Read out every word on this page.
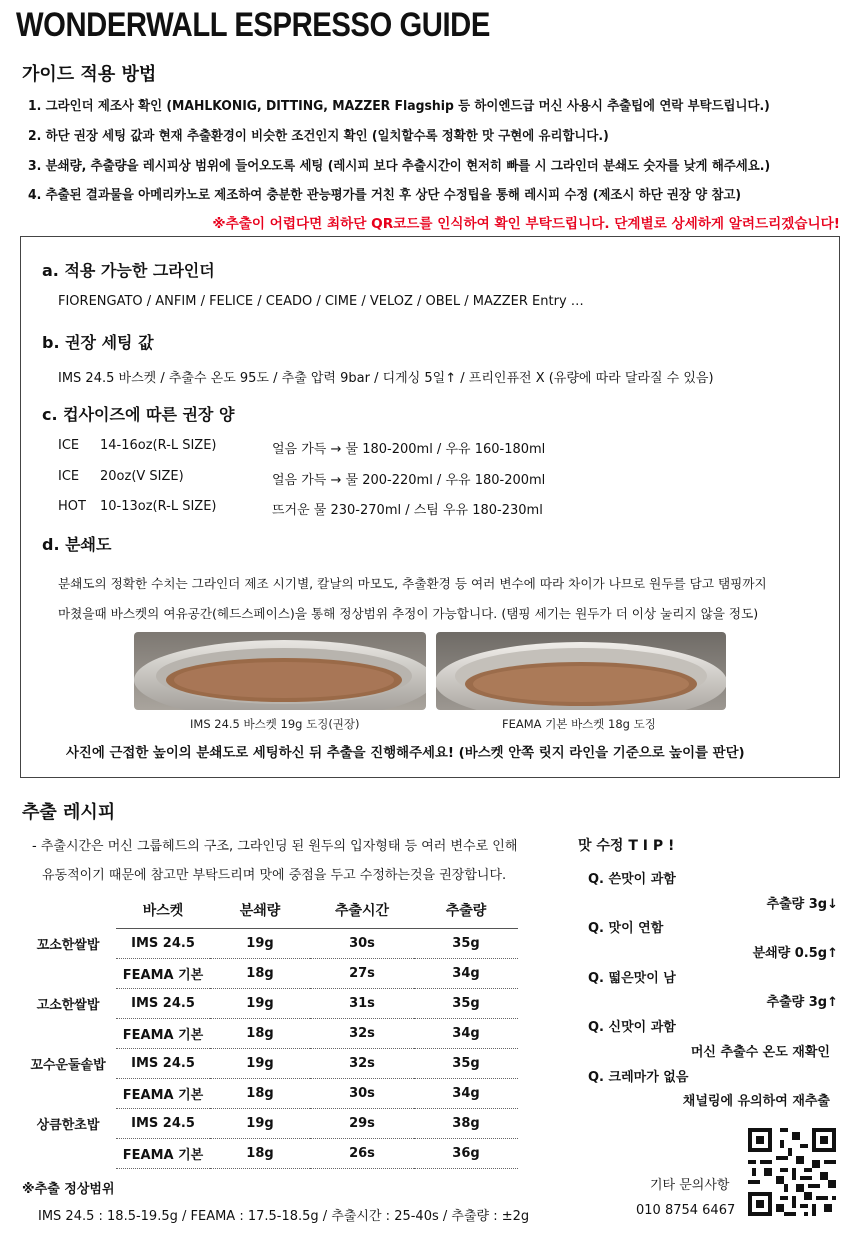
WONDERWALL ESPRESSO GUIDE
가이드 적용 방법
1. 그라인더 제조사 확인 (MAHLKONIG, DITTING, MAZZER Flagship 등 하이엔드급 머신 사용시 추출팁에 연락 부탁드립니다.)
2. 하단 권장 세팅 값과 현재 추출환경이 비슷한 조건인지 확인 (일치할수록 정확한 맛 구현에 유리합니다.)
3. 분쇄량, 추출량을 레시피상 범위에 들어오도록 세팅 (레시피 보다 추출시간이 현저히 빠를 시 그라인더 분쇄도 숫자를 낮게 해주세요.)
4. 추출된 결과물을 아메리카노로 제조하여 충분한 관능평가를 거친 후 상단 수정팁을 통해 레시피 수정 (제조시 하단 권장 양 참고)
※추출이 어렵다면 최하단 QR코드를 인식하여 확인 부탁드립니다. 단계별로 상세하게 알려드리겠습니다!
a. 적용 가능한 그라인더
FIORENGATO / ANFIM / FELICE / CEADO / CIME / VELOZ / OBEL / MAZZER Entry …
b. 권장 세팅 값
IMS 24.5 바스켓 / 추출수 온도 95도 / 추출 압력 9bar / 디게싱 5일↑ / 프리인퓨전 X (유량에 따라 달라질 수 있음)
c. 컵사이즈에 따른 권장 양
ICE 14-16oz(R-L SIZE)	얼음 가득 → 물 180-200ml / 우유 160-180ml
ICE 20oz(V SIZE)	얼음 가득 → 물 200-220ml / 우유 180-200ml
HOT 10-13oz(R-L SIZE)	뜨거운 물 230-270ml / 스팀 우유 180-230ml
d. 분쇄도
분쇄도의 정확한 수치는 그라인더 제조 시기별, 칼날의 마모도, 추출환경 등 여러 변수에 따라 차이가 나므로 원두를 담고 탬핑까지
마쳤을때 바스켓의 여유공간(헤드스페이스)을 통해 정상범위 추정이 가능합니다. (탬핑 세기는 원두가 더 이상 눌리지 않을 정도)
IMS 24.5 바스켓 19g 도징(권장)	FEAMA 기본 바스켓 18g 도징
사진에 근접한 높이의 분쇄도로 세팅하신 뒤 추출을 진행해주세요! (바스켓 안쪽 릿지 라인을 기준으로 높이를 판단)
추출 레시피
- 추출시간은 머신 그룹헤드의 구조, 그라인딩 된 원두의 입자형태 등 여러 변수로 인해
유동적이기 때문에 참고만 부탁드리며 맛에 중점을 두고 수정하는것을 권장합니다.
	바스켓	분쇄량	추출시간	추출량
꼬소한쌀밥	IMS 24.5	19g	30s	35g
	FEAMA 기본	18g	27s	34g
고소한쌀밥	IMS 24.5	19g	31s	35g
	FEAMA 기본	18g	32s	34g
꼬수운둘솥밥	IMS 24.5	19g	32s	35g
	FEAMA 기본	18g	30s	34g
상큼한초밥	IMS 24.5	19g	29s	38g
	FEAMA 기본	18g	26s	36g
※추출 정상범위
IMS 24.5 : 18.5-19.5g / FEAMA : 17.5-18.5g / 추출시간 : 25-40s / 추출량 : ±2g
맛 수정 T I P !
Q. 쓴맛이 과함
추출량 3g↓
Q. 맛이 연함
분쇄량 0.5g↑
Q. 떫은맛이 남
추출량 3g↑
Q. 신맛이 과함
머신 추출수 온도 재확인
Q. 크레마가 없음
채널링에 유의하여 재추출
기타 문의사항
010 8754 6467
